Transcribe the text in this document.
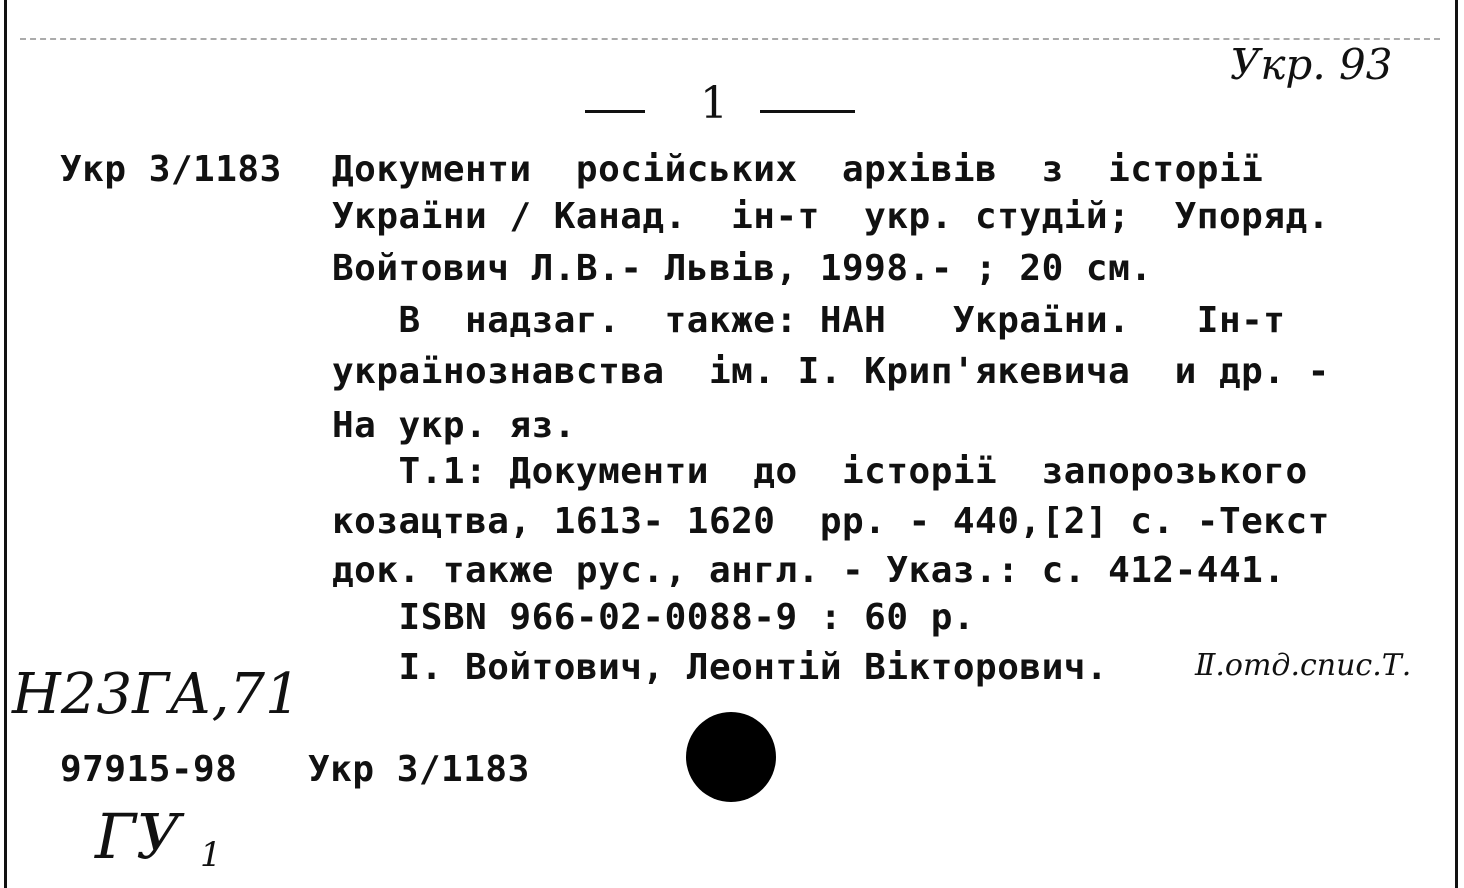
Укр. 93
1
Укр 3/1183 Документи  російських  архівів  з  історії
України / Канад.  ін-т  укр. студій;  Упоряд.
Войтович Л.В.- Львів, 1998.- ; 20 см.
В  надзаг.  также: НАН   України.   Ін-т
українознавства  ім. І. Крип'якевича  и др. -
На укр. яз.
Т.1: Документи  до  історії  запорозького
козацтва, 1613- 1620  рр. - 440,[2] с. -Текст
док. также рус., англ. - Указ.: с. 412-441.
ISBN 966-02-0088-9 : 60 р.
І. Войтович, Леонтій Вікторович.	Ⅱ.отд.спис.Т.
Н23ГА,71
97915-98 Укр 3/1183
ГУ 1
